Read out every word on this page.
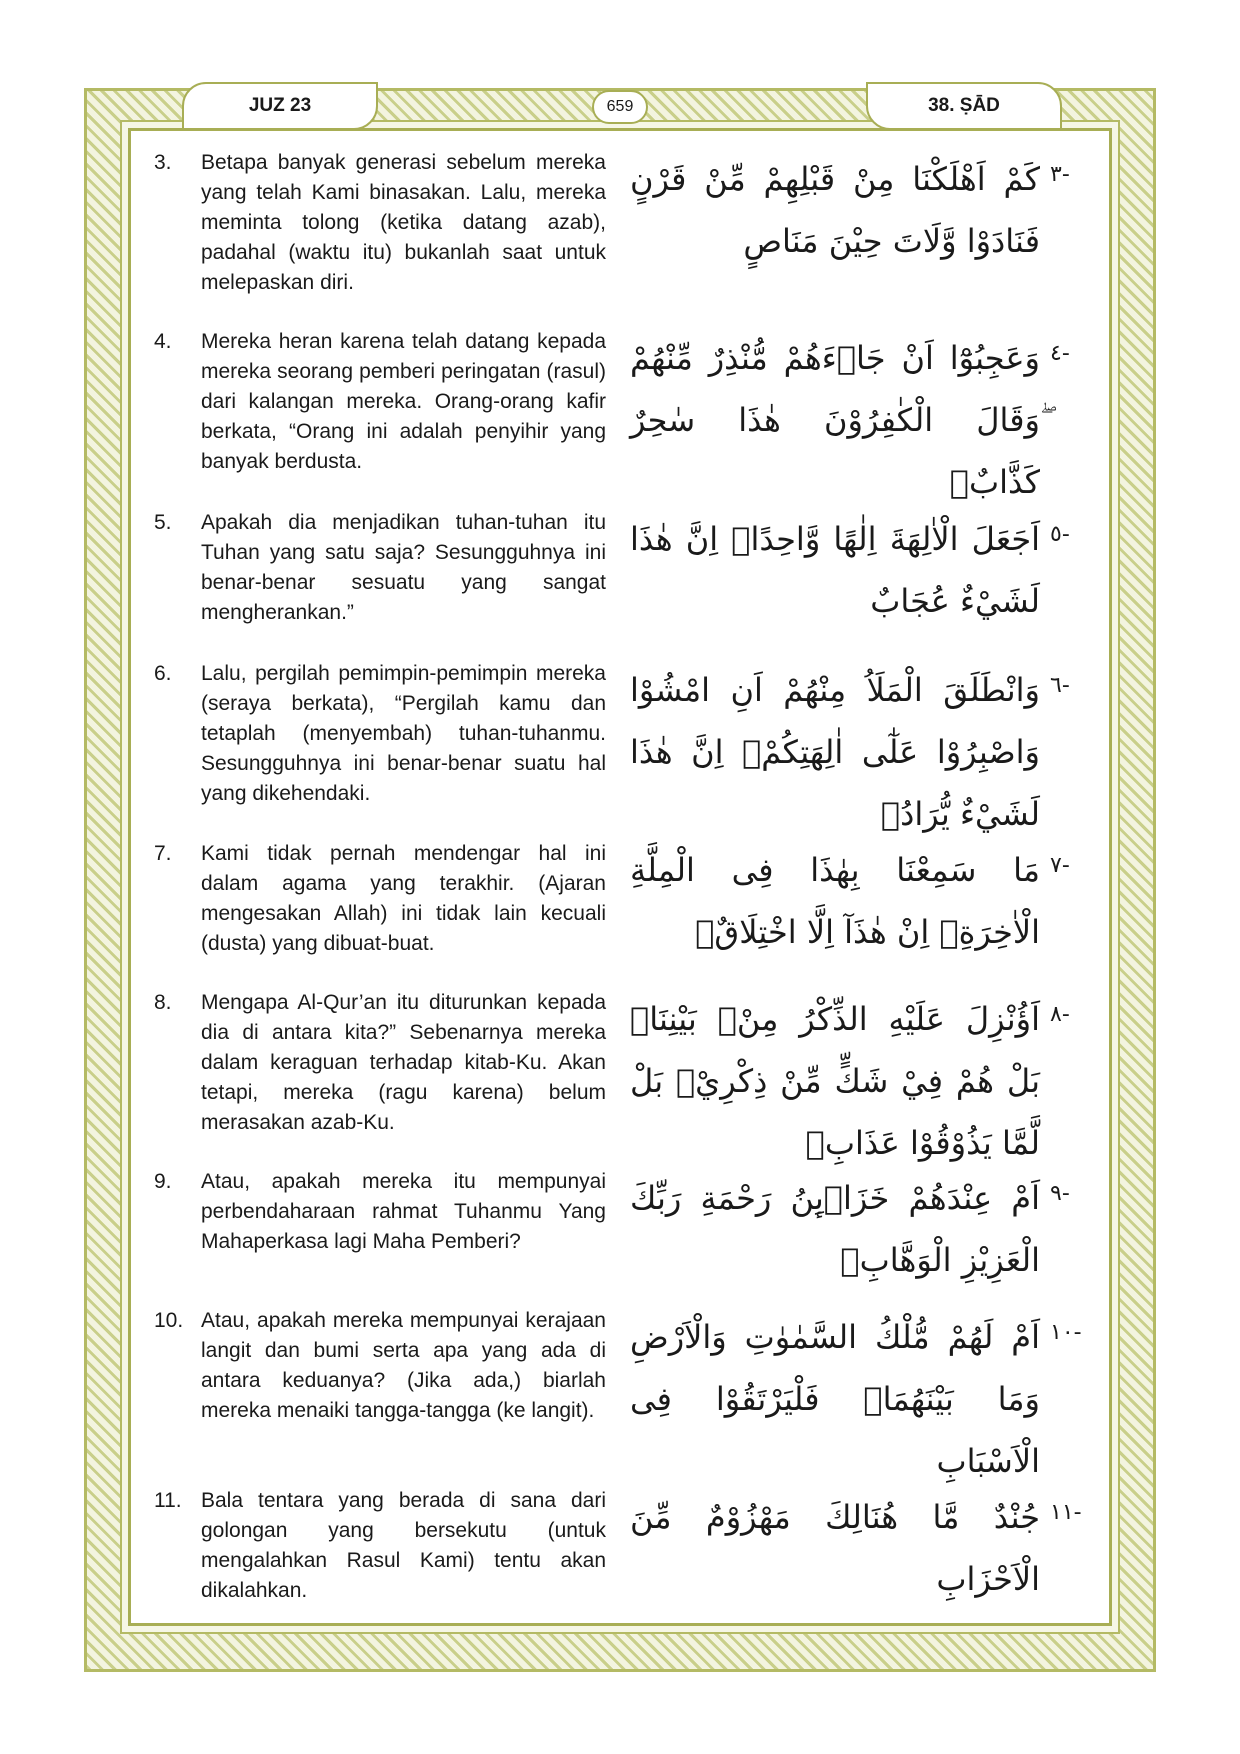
JUZ 23	659	38. ṢĀD
3. Betapa banyak generasi sebelum mereka yang telah Kami binasakan. Lalu, mereka meminta tolong (ketika datang azab), padahal (waktu itu) bukanlah saat untuk melepaskan diri.
كَمْ اَهْلَكْنَا مِنْ قَبْلِهِمْ مِّنْ قَرْنٍ فَنَادَوْا وَّلَاتَ حِيْنَ مَنَاصٍ
-٣
4. Mereka heran karena telah datang kepada mereka seorang pemberi peringatan (rasul) dari kalangan mereka. Orang-orang kafir berkata, “Orang ini adalah penyihir yang banyak berdusta.
وَعَجِبُوْٓا اَنْ جَاۤءَهُمْ مُّنْذِرٌ مِّنْهُمْ ۖوَقَالَ الْكٰفِرُوْنَ هٰذَا سٰحِرٌ كَذَّابٌۚ
-٤
5. Apakah dia menjadikan tuhan-tuhan itu Tuhan yang satu saja? Sesungguhnya ini benar-benar sesuatu yang sangat mengherankan.”
اَجَعَلَ الْاٰلِهَةَ اِلٰهًا وَّاحِدًاۖ اِنَّ هٰذَا لَشَيْءٌ عُجَابٌ
-٥
6. Lalu, pergilah pemimpin-pemimpin mereka (seraya berkata), “Pergilah kamu dan tetaplah (menyembah) tuhan-tuhanmu. Sesungguhnya ini benar-benar suatu hal yang dikehendaki.
وَانْطَلَقَ الْمَلَاُ مِنْهُمْ اَنِ امْشُوْا وَاصْبِرُوْا عَلٰٓى اٰلِهَتِكُمْۖ اِنَّ هٰذَا لَشَيْءٌ يُّرَادُۖ
-٦
7. Kami tidak pernah mendengar hal ini dalam agama yang terakhir. (Ajaran mengesakan Allah) ini tidak lain kecuali (dusta) yang dibuat-buat.
مَا سَمِعْنَا بِهٰذَا فِى الْمِلَّةِ الْاٰخِرَةِۖ اِنْ هٰذَآ اِلَّا اخْتِلَاقٌۚ
-٧
8. Mengapa Al-Qur’an itu diturunkan kepada dia di antara kita?” Sebenarnya mereka dalam keraguan terhadap kitab-Ku. Akan tetapi, mereka (ragu karena) belum merasakan azab-Ku.
اَؤُنْزِلَ عَلَيْهِ الذِّكْرُ مِنْۢ بَيْنِنَاۗ بَلْ هُمْ فِيْ شَكٍّ مِّنْ ذِكْرِيْۚ بَلْ لَّمَّا يَذُوْقُوْا عَذَابِۗ
-٨
9. Atau, apakah mereka itu mempunyai perbendaharaan rahmat Tuhanmu Yang Mahaperkasa lagi Maha Pemberi?
اَمْ عِنْدَهُمْ خَزَاۤىِٕنُ رَحْمَةِ رَبِّكَ الْعَزِيْزِ الْوَهَّابِۚ
-٩
10. Atau, apakah mereka mempunyai kerajaan langit dan bumi serta apa yang ada di antara keduanya? (Jika ada,) biarlah mereka menaiki tangga-tangga (ke langit).
اَمْ لَهُمْ مُّلْكُ السَّمٰوٰتِ وَالْاَرْضِ وَمَا بَيْنَهُمَاۗ فَلْيَرْتَقُوْا فِى الْاَسْبَابِ
-١٠
11. Bala tentara yang berada di sana dari golongan yang bersekutu (untuk mengalahkan Rasul Kami) tentu akan dikalahkan.
جُنْدٌ مَّا هُنَالِكَ مَهْزُوْمٌ مِّنَ الْاَحْزَابِ
-١١
